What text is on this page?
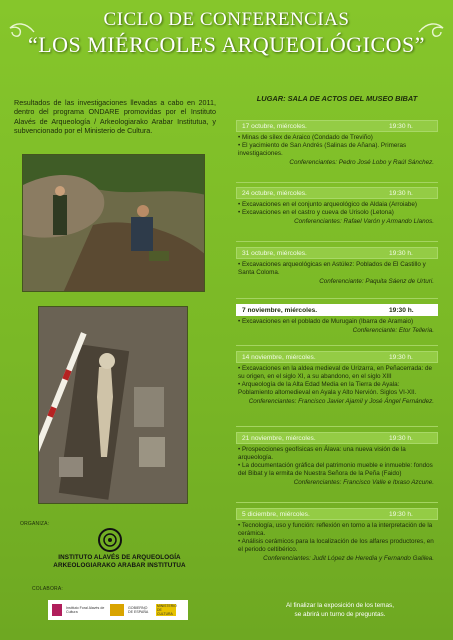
CICLO DE CONFERENCIAS
“LOS MIÉRCOLES ARQUEOLÓGICOS”
Resultados de las investigaciones llevadas a cabo en 2011, dentro del programa ONDARE promovidas por el Instituto Alavés de Arqueología / Arkeologiarako Arabar Institutua, y subvencionado por el Ministerio de Cultura.
ORGANIZA:
INSTITUTO ALAVÉS DE ARQUEOLOGÍA
ARKEOLOGIARAKO ARABAR INSTITUTUA
COLABORA:
Instituto Foral Alavés de Cultura
GOBIERNO DE ESPAÑA
MINISTERIO DE CULTURA
LUGAR: SALA DE ACTOS DEL MUSEO BIBAT
17 octubre, miércoles.	19:30 h.
• Minas de sílex de Araico (Condado de Treviño)
• El yacimiento de San Andrés (Salinas de Añana). Primeras investigaciones.
Conferenciantes: Pedro José Lobo y Raúl Sánchez.
24 octubre, miércoles.	19:30 h.
• Excavaciones en el conjunto arqueológico de Aldaia (Arroiabe)
• Excavaciones en el castro y cueva de Urisolo (Letona)
Conferenciantes: Rafael Varón y Armando Llanos.
31 octubre, miércoles.	19:30 h.
• Excavaciones arqueológicas en Astúlez: Poblados de El Castillo y Santa Coloma.
Conferenciante: Paquita Sáenz de Urturi.
7 noviembre, miércoles.	19:30 h.
• Excavaciones en el poblado de Murugain (Ibarra de Aramaio)
Conferenciante: Etor Telleria.
14 noviembre, miércoles.	19:30 h.
• Excavaciones en la aldea medieval de Urizarra, en Peñacerrada: de su origen, en el siglo XI, a su abandono, en el siglo XIII
• Arqueología de la Alta Edad Media en la Tierra de Ayala: Poblamiento altomedieval en Ayala y Alto Nervión. Siglos VI-XII.
Conferenciantes: Francisco Javier Ajamil y José Ángel Fernández.
21 noviembre, miércoles.	19:30 h.
• Prospecciones geofísicas en Álava: una nueva visión de la arqueología.
• La documentación gráfica del patrimonio mueble e inmueble: fondos del Bibat y la ermita de Nuestra Señora de la Peña (Faido)
Conferenciantes: Francisco Valle e Itxaso Azcune.
5 diciembre, miércoles.	19:30 h.
• Tecnología, uso y función: reflexión en torno a la interpretación de la cerámica.
• Análisis cerámicos para la localización de los alfares productores, en el periodo celtibérico.
Conferenciantes: Judit López de Heredia y Fernando Galilea.
Al finalizar la exposición de los temas,
se abrirá un turno de preguntas.
